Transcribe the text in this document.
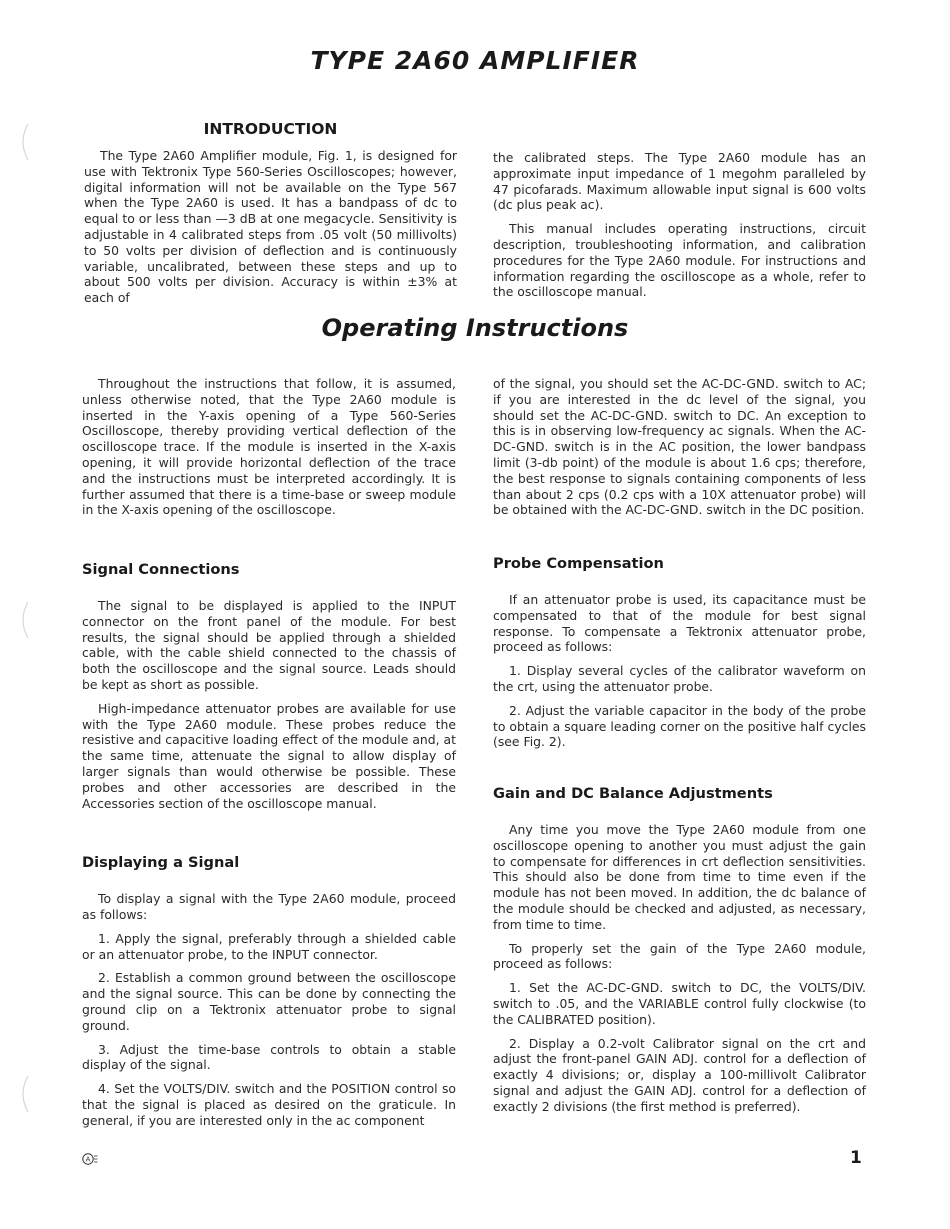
TYPE 2A60 AMPLIFIER
INTRODUCTION

The Type 2A60 Amplifier module, Fig. 1, is designed for use with Tektronix Type 560-Series Oscilloscopes; however, digital information will not be available on the Type 567 when the Type 2A60 is used. It has a bandpass of dc to equal to or less than —3 dB at one megacycle. Sensitivity is adjustable in 4 calibrated steps from .05 volt (50 millivolts) to 50 volts per division of deflection and is continuously variable, uncalibrated, between these steps and up to about 500 volts per division. Accuracy is within ±3% at each of

the calibrated steps. The Type 2A60 module has an approximate input impedance of 1 megohm paralleled by 47 picofarads. Maximum allowable input signal is 600 volts (dc plus peak ac).

This manual includes operating instructions, circuit description, troubleshooting information, and calibration procedures for the Type 2A60 module. For instructions and information regarding the oscilloscope as a whole, refer to the oscilloscope manual.

Operating Instructions

Throughout the instructions that follow, it is assumed, unless otherwise noted, that the Type 2A60 module is inserted in the Y-axis opening of a Type 560-Series Oscilloscope, thereby providing vertical deflection of the oscilloscope trace. If the module is inserted in the X-axis opening, it will provide horizontal deflection of the trace and the instructions must be interpreted accordingly. It is further assumed that there is a time-base or sweep module in the X-axis opening of the oscilloscope.

Signal Connections

The signal to be displayed is applied to the INPUT connector on the front panel of the module. For best results, the signal should be applied through a shielded cable, with the cable shield connected to the chassis of both the oscilloscope and the signal source. Leads should be kept as short as possible.

High-impedance attenuator probes are available for use with the Type 2A60 module. These probes reduce the resistive and capacitive loading effect of the module and, at the same time, attenuate the signal to allow display of larger signals than would otherwise be possible. These probes and other accessories are described in the Accessories section of the oscilloscope manual.

Displaying a Signal

To display a signal with the Type 2A60 module, proceed as follows:

1. Apply the signal, preferably through a shielded cable or an attenuator probe, to the INPUT connector.

2. Establish a common ground between the oscilloscope and the signal source. This can be done by connecting the ground clip on a Tektronix attenuator probe to signal ground.

3. Adjust the time-base controls to obtain a stable display of the signal.

4. Set the VOLTS/DIV. switch and the POSITION control so that the signal is placed as desired on the graticule. In general, if you are interested only in the ac component

of the signal, you should set the AC-DC-GND. switch to AC; if you are interested in the dc level of the signal, you should set the AC-DC-GND. switch to DC. An exception to this is in observing low-frequency ac signals. When the AC-DC-GND. switch is in the AC position, the lower bandpass limit (3-db point) of the module is about 1.6 cps; therefore, the best response to signals containing components of less than about 2 cps (0.2 cps with a 10X attenuator probe) will be obtained with the AC-DC-GND. switch in the DC position.

Probe Compensation

If an attenuator probe is used, its capacitance must be compensated to that of the module for best signal response. To compensate a Tektronix attenuator probe, proceed as follows:

1. Display several cycles of the calibrator waveform on the crt, using the attenuator probe.

2. Adjust the variable capacitor in the body of the probe to obtain a square leading corner on the positive half cycles (see Fig. 2).

Gain and DC Balance Adjustments

Any time you move the Type 2A60 module from one oscilloscope opening to another you must adjust the gain to compensate for differences in crt deflection sensitivities. This should also be done from time to time even if the module has not been moved. In addition, the dc balance of the module should be checked and adjusted, as necessary, from time to time.

To properly set the gain of the Type 2A60 module, proceed as follows:

1. Set the AC-DC-GND. switch to DC, the VOLTS/DIV. switch to .05, and the VARIABLE control fully clockwise (to the CALIBRATED position).

2. Display a 0.2-volt Calibrator signal on the crt and adjust the front-panel GAIN ADJ. control for a deflection of exactly 4 divisions; or, display a 100-millivolt Calibrator signal and adjust the GAIN ADJ. control for a deflection of exactly 2 divisions (the first method is preferred).

A	1
